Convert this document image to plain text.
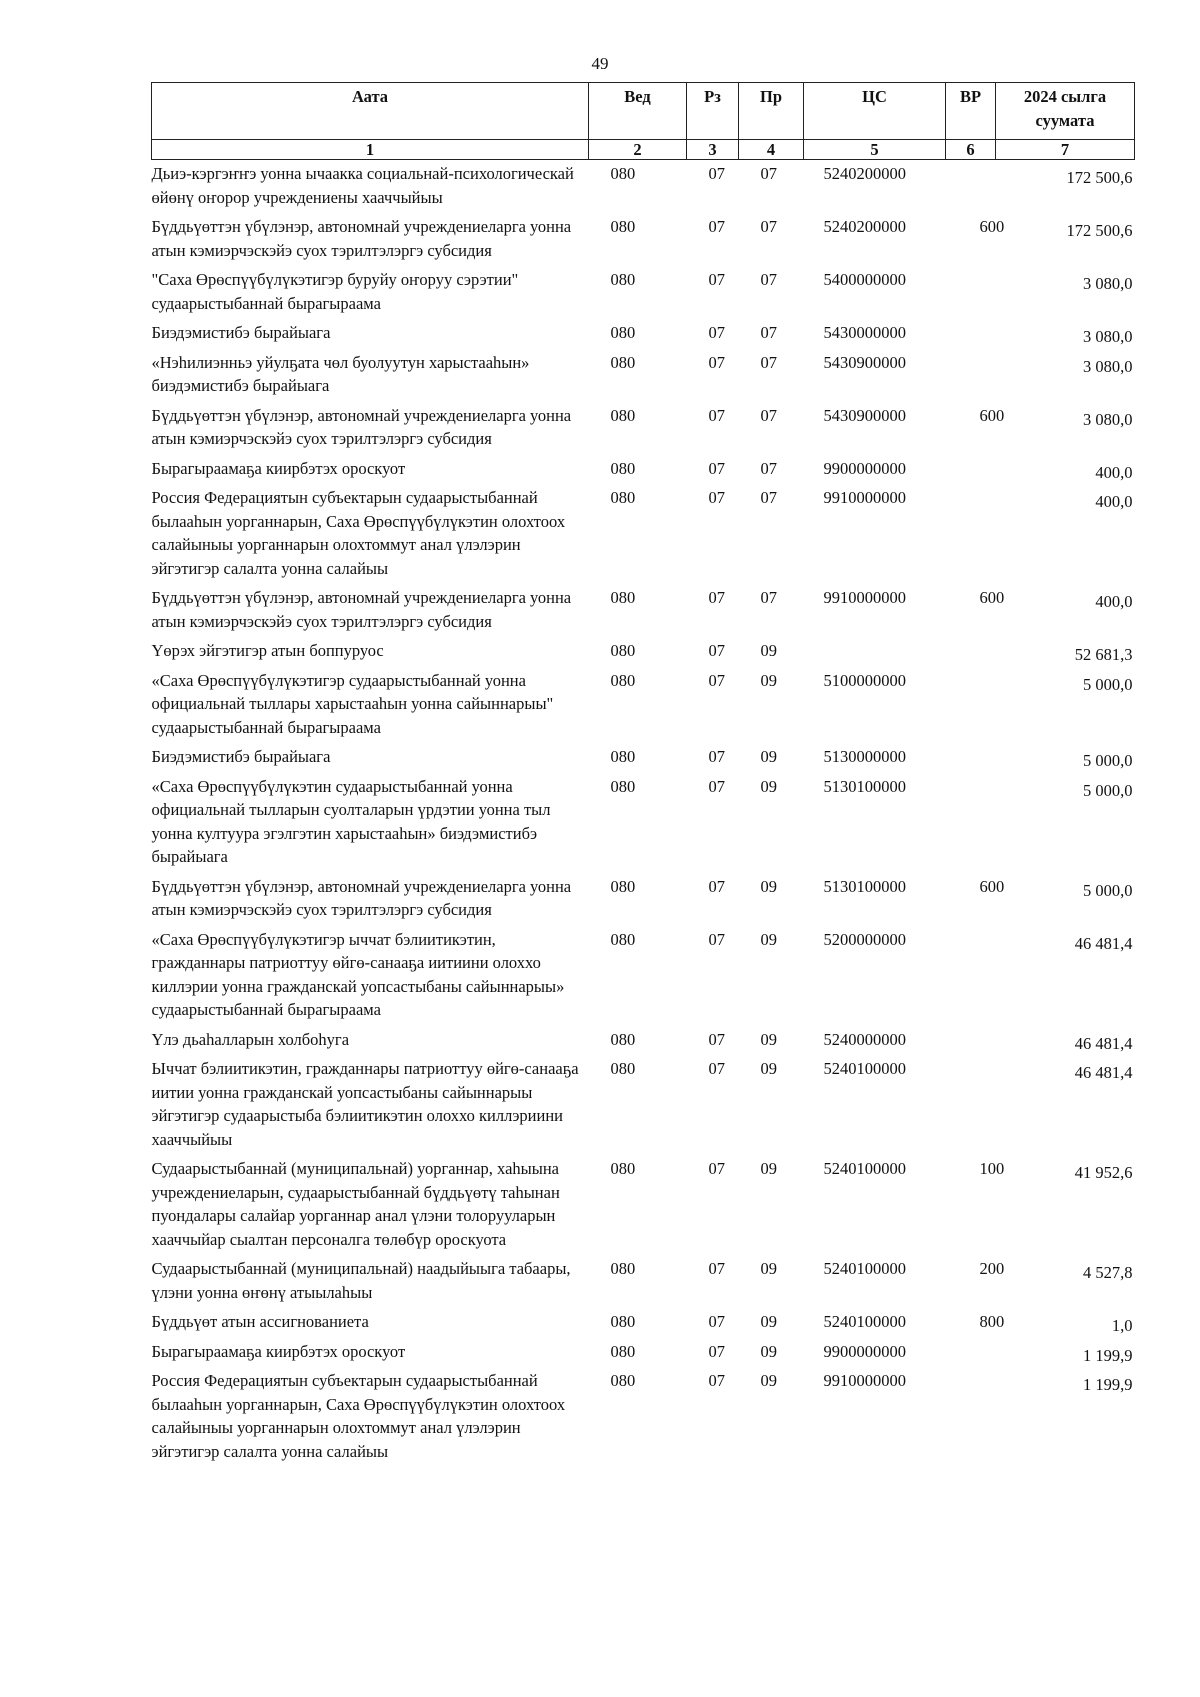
49
Аата	Вед	Рз	Пр	ЦС	ВР	2024 сылга суумата
1	2	3	4	5	6	7
Дьиэ-кэргэҥҥэ уонна ычаакка социальнай-психологическай өйөнү оҥорор учреждениены хааччыйыы	080	07	07	5240200000		172 500,6
Бүддьүөттэн үбүлэнэр, автономнай учреждениеларга уонна атын кэмиэрчэскэйэ суох тэрилтэлэргэ субсидия	080	07	07	5240200000	600	172 500,6
"Саха Өрөспүүбүлүкэтигэр буруйу оҥоруу сэрэтии" судаарыстыбаннай бырагыраама	080	07	07	5400000000		3 080,0
Биэдэмистибэ бырайыага	080	07	07	5430000000		3 080,0
«Нэһилиэнньэ уйулҕата чөл буолуутун харыстааһын» биэдэмистибэ бырайыага	080	07	07	5430900000		3 080,0
Бүддьүөттэн үбүлэнэр, автономнай учреждениеларга уонна атын кэмиэрчэскэйэ суох тэрилтэлэргэ субсидия	080	07	07	5430900000	600	3 080,0
Бырагыраамаҕа киирбэтэх ороскуот	080	07	07	9900000000		400,0
Россия Федерациятын субъектарын судаарыстыбаннай былааһын уорганнарын, Саха Өрөспүүбүлүкэтин олохтоох салайыныы уорганнарын олохтоммут анал үлэлэрин эйгэтигэр салалта уонна салайыы	080	07	07	9910000000		400,0
Бүддьүөттэн үбүлэнэр, автономнай учреждениеларга уонна атын кэмиэрчэскэйэ суох тэрилтэлэргэ субсидия	080	07	07	9910000000	600	400,0
Үөрэх эйгэтигэр атын боппуруос	080	07	09			52 681,3
«Саха Өрөспүүбүлүкэтигэр судаарыстыбаннай уонна официальнай тыллары харыстааһын уонна сайыннарыы" судаарыстыбаннай бырагыраама	080	07	09	5100000000		5 000,0
Биэдэмистибэ бырайыага	080	07	09	5130000000		5 000,0
«Саха Өрөспүүбүлүкэтин судаарыстыбаннай уонна официальнай тылларын суолталарын үрдэтии уонна тыл уонна култуура эгэлгэтин харыстааһын» биэдэмистибэ бырайыага	080	07	09	5130100000		5 000,0
Бүддьүөттэн үбүлэнэр, автономнай учреждениеларга уонна атын кэмиэрчэскэйэ суох тэрилтэлэргэ субсидия	080	07	09	5130100000	600	5 000,0
«Саха Өрөспүүбүлүкэтигэр ыччат бэлиитикэтин, гражданнары патриоттуу өйгө-санааҕа иитиини олоххо киллэрии уонна гражданскай уопсастыбаны сайыннарыы» судаарыстыбаннай бырагыраама	080	07	09	5200000000		46 481,4
Үлэ дьаһалларын холбоһуга	080	07	09	5240000000		46 481,4
Ыччат бэлиитикэтин, гражданнары патриоттуу өйгө-санааҕа иитии уонна гражданскай уопсастыбаны сайыннарыы эйгэтигэр судаарыстыба бэлиитикэтин олоххо киллэриини хааччыйыы	080	07	09	5240100000		46 481,4
Судаарыстыбаннай (муниципальнай) уорганнар, хаһыына учреждениеларын, судаарыстыбаннай бүддьүөтү таһынан пуондалары салайар уорганнар анал үлэни толорууларын хааччыйар сыалтан персоналга төлөбүр ороскуота	080	07	09	5240100000	100	41 952,6
Судаарыстыбаннай (муниципальнай) наадыйыыга табаары, үлэни уонна өҥөнү атыылаһыы	080	07	09	5240100000	200	4 527,8
Бүддьүөт атын ассигнованиета	080	07	09	5240100000	800	1,0
Бырагыраамаҕа киирбэтэх ороскуот	080	07	09	9900000000		1 199,9
Россия Федерациятын субъектарын судаарыстыбаннай былааһын уорганнарын, Саха Өрөспүүбүлүкэтин олохтоох салайыныы уорганнарын олохтоммут анал үлэлэрин эйгэтигэр салалта уонна салайыы	080	07	09	9910000000		1 199,9
